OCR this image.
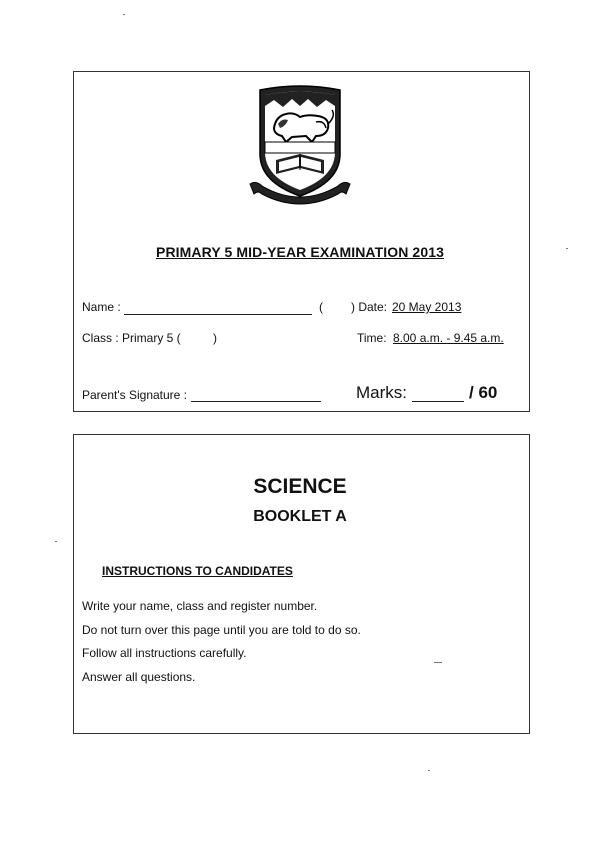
PRIMARY 5 MID-YEAR EXAMINATION 2013
Name :	( ) Date: 20 May 2013
Class : Primary 5 (	)	Time: 8.00 a.m. - 9.45 a.m.
Parent's Signature :	Marks:	/ 60
SCIENCE
BOOKLET A
INSTRUCTIONS TO CANDIDATES
Write your name, class and register number.
Do not turn over this page until you are told to do so.
Follow all instructions carefully.
Answer all questions.
